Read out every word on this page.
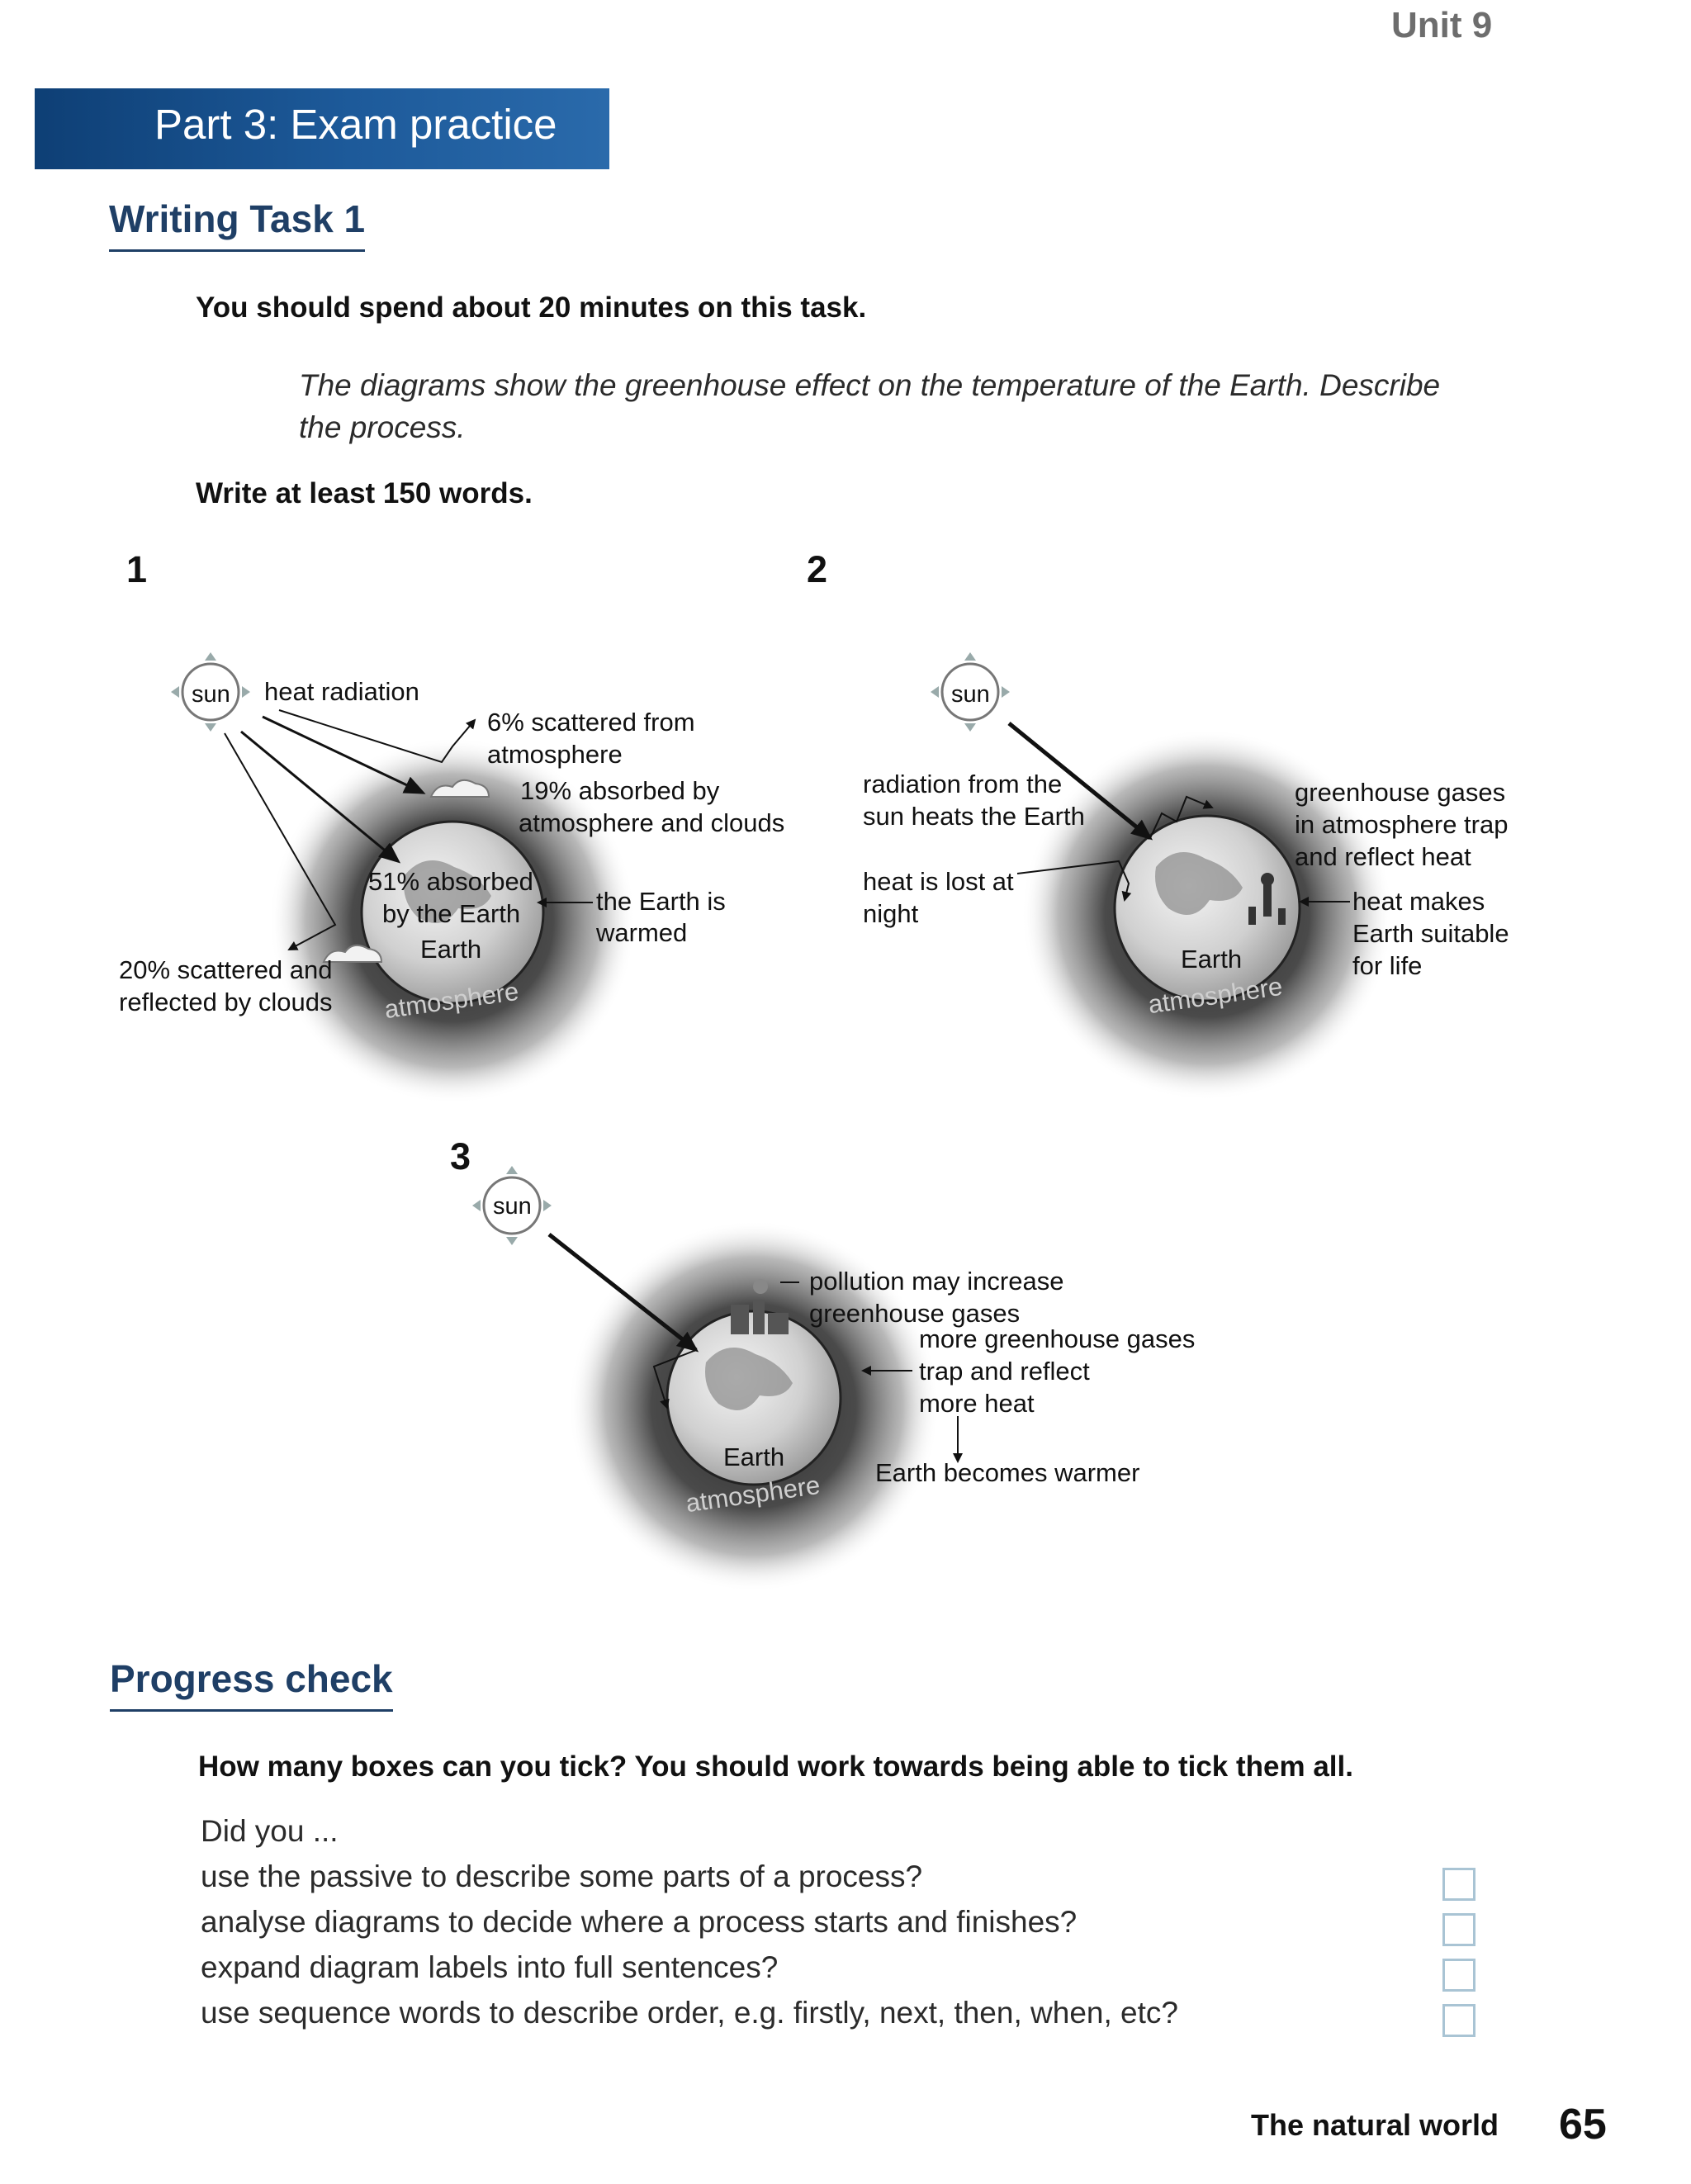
Unit 9
Part 3: Exam practice
Writing Task 1
You should spend about 20 minutes on this task.
The diagrams show the greenhouse effect on the temperature of the Earth. Describe the process.
Write at least 150 words.
1	2
3
sun heat radiation
6% scattered from
atmosphere
19% absorbed by
atmosphere and clouds
51% absorbed
by the Earth
Earth
the Earth is
warmed
20% scattered and
reflected by clouds atmosphere
sun
radiation from the
sun heats the Earth
heat is lost at
night
greenhouse gases
in atmosphere trap
and reflect heat
heat makes
Earth suitable
for life
Earth
atmosphere
sun
pollution may increase
greenhouse gases
more greenhouse gases
trap and reflect
more heat
Earth becomes warmer
Earth
atmosphere
Progress check
How many boxes can you tick? You should work towards being able to tick them all.
Did you ...
use the passive to describe some parts of a process?
analyse diagrams to decide where a process starts and finishes?
expand diagram labels into full sentences?
use sequence words to describe order, e.g. firstly, next, then, when, etc?
The natural world 65
